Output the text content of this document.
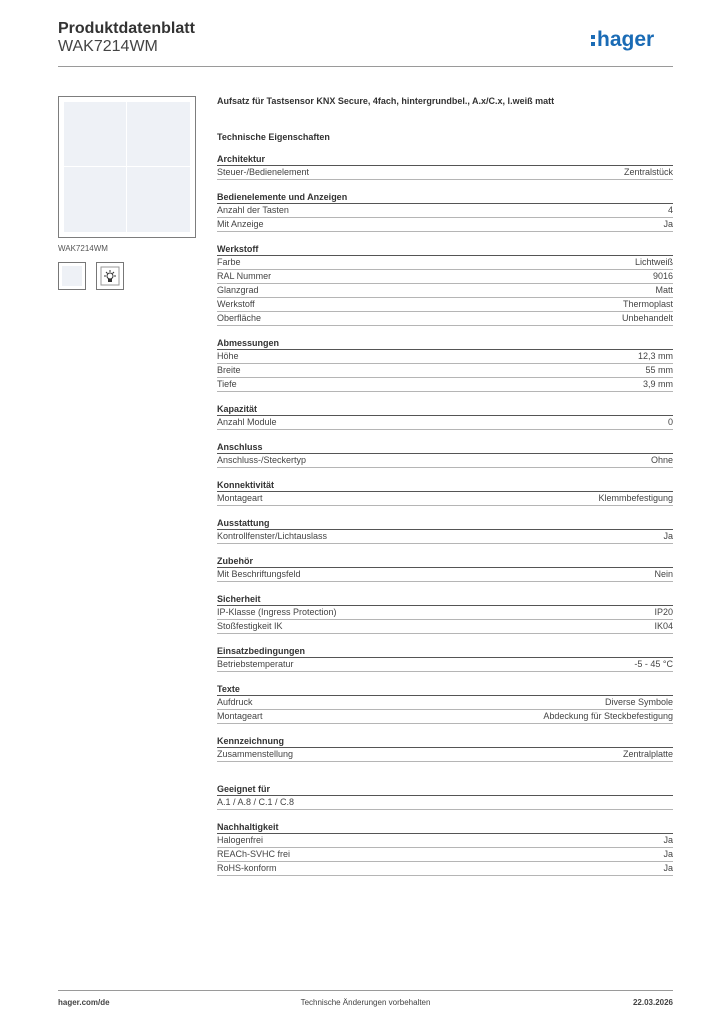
Produktdatenblatt
WAK7214WM	hager
WAK7214WM
Aufsatz für Tastsensor KNX Secure, 4fach, hintergrundbel., A.x/C.x, l.weiß matt
Technische Eigenschaften
Architektur
Steuer-/Bedienelement	Zentralstück
Bedienelemente und Anzeigen
Anzahl der Tasten	4
Mit Anzeige	Ja
Werkstoff
Farbe	Lichtweiß
RAL Nummer	9016
Glanzgrad	Matt
Werkstoff	Thermoplast
Oberfläche	Unbehandelt
Abmessungen
Höhe	12,3 mm
Breite	55 mm
Tiefe	3,9 mm
Kapazität
Anzahl Module	0
Anschluss
Anschluss-/Steckertyp	Ohne
Konnektivität
Montageart	Klemmbefestigung
Ausstattung
Kontrollfenster/Lichtauslass	Ja
Zubehör
Mit Beschriftungsfeld	Nein
Sicherheit
IP-Klasse (Ingress Protection)	IP20
Stoßfestigkeit IK	IK04
Einsatzbedingungen
Betriebstemperatur	-5 - 45 °C
Texte
Aufdruck	Diverse Symbole
Montageart	Abdeckung für Steckbefestigung
Kennzeichnung
Zusammenstellung	Zentralplatte
Geeignet für
A.1 / A.8 / C.1 / C.8
Nachhaltigkeit
Halogenfrei	Ja
REACh-SVHC frei	Ja
RoHS-konform	Ja
hager.com/de	Technische Änderungen vorbehalten	22.03.2026
